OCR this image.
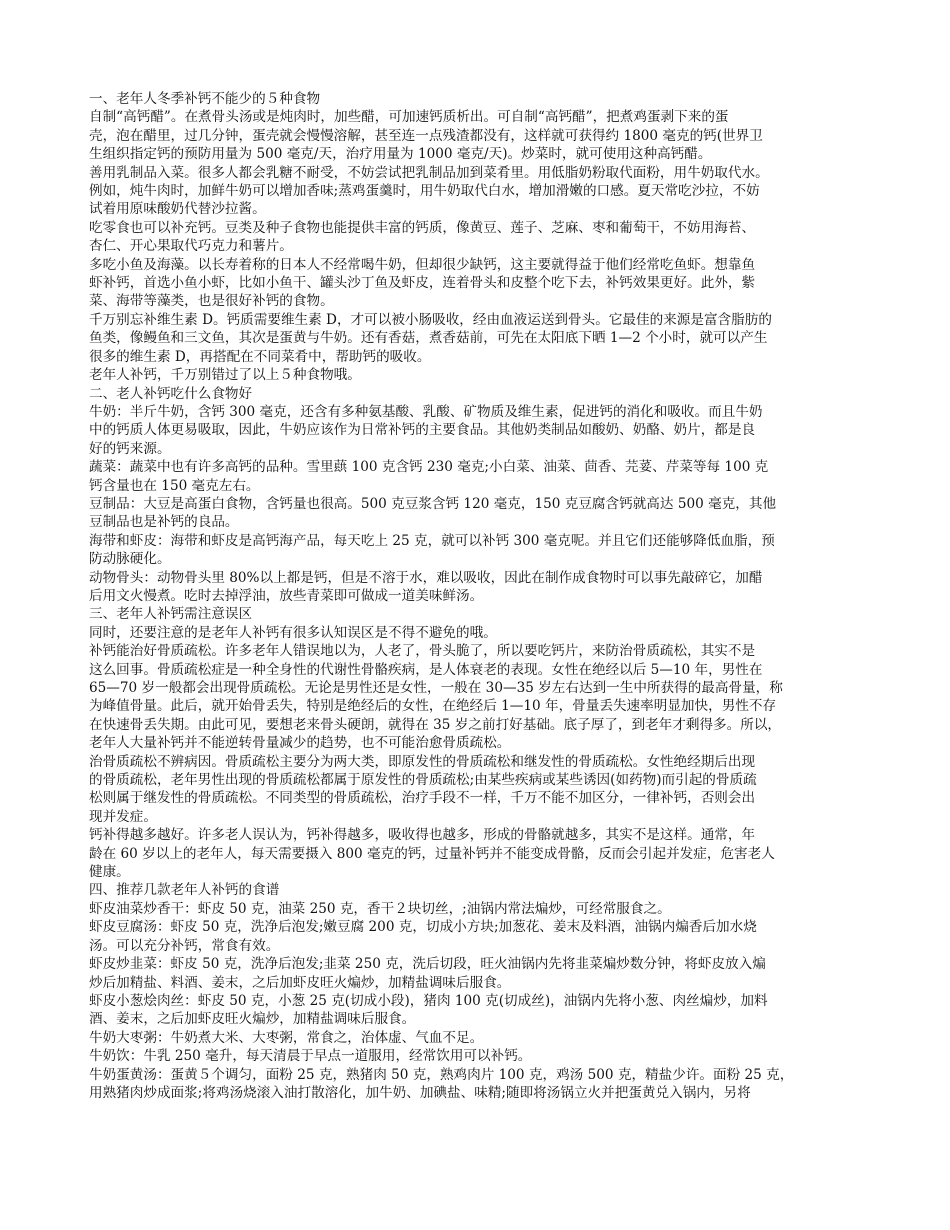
一、老年人冬季补钙不能少的５种食物

自制“高钙醋”。在煮骨头汤或是炖肉时，加些醋，可加速钙质析出。可自制“高钙醋”，把煮鸡蛋剥下来的蛋

壳，泡在醋里，过几分钟，蛋壳就会慢慢溶解，甚至连一点残渣都没有，这样就可获得约 1800 毫克的钙(世界卫

生组织指定钙的预防用量为 500 毫克/天，治疗用量为 1000 毫克/天)。炒菜时，就可使用这种高钙醋。

善用乳制品入菜。很多人都会乳糖不耐受，不妨尝试把乳制品加到菜肴里。用低脂奶粉取代面粉，用牛奶取代水。

例如，炖牛肉时，加鲜牛奶可以增加香味;蒸鸡蛋羹时，用牛奶取代白水，增加滑嫩的口感。夏天常吃沙拉，不妨

试着用原味酸奶代替沙拉酱。

吃零食也可以补充钙。豆类及种子食物也能提供丰富的钙质，像黄豆、莲子、芝麻、枣和葡萄干，不妨用海苔、

杏仁、开心果取代巧克力和薯片。

多吃小鱼及海藻。以长寿着称的日本人不经常喝牛奶，但却很少缺钙，这主要就得益于他们经常吃鱼虾。想靠鱼

虾补钙，首选小鱼小虾，比如小鱼干、罐头沙丁鱼及虾皮，连着骨头和皮整个吃下去，补钙效果更好。此外，紫

菜、海带等藻类，也是很好补钙的食物。

千万别忘补维生素 D。钙质需要维生素 D，才可以被小肠吸收，经由血液运送到骨头。它最佳的来源是富含脂肪的

鱼类，像鳗鱼和三文鱼，其次是蛋黄与牛奶。还有香菇，煮香菇前，可先在太阳底下晒 1—2 个小时，就可以产生

很多的维生素 D，再搭配在不同菜肴中，帮助钙的吸收。

老年人补钙，千万别错过了以上５种食物哦。

二、老人补钙吃什么食物好

牛奶：半斤牛奶，含钙 300 毫克，还含有多种氨基酸、乳酸、矿物质及维生素，促进钙的消化和吸收。而且牛奶

中的钙质人体更易吸取，因此，牛奶应该作为日常补钙的主要食品。其他奶类制品如酸奶、奶酪、奶片，都是良

好的钙来源。

蔬菜：蔬菜中也有许多高钙的品种。雪里蕻 100 克含钙 230 毫克;小白菜、油菜、茴香、芫荽、芹菜等每 100 克

钙含量也在 150 毫克左右。

豆制品：大豆是高蛋白食物，含钙量也很高。500 克豆浆含钙 120 毫克，150 克豆腐含钙就高达 500 毫克，其他

豆制品也是补钙的良品。

海带和虾皮：海带和虾皮是高钙海产品，每天吃上 25 克，就可以补钙 300 毫克呢。并且它们还能够降低血脂，预

防动脉硬化。

动物骨头：动物骨头里 80%以上都是钙，但是不溶于水，难以吸收，因此在制作成食物时可以事先敲碎它，加醋

后用文火慢煮。吃时去掉浮油，放些青菜即可做成一道美味鲜汤。

三、老年人补钙需注意误区

同时，还要注意的是老年人补钙有很多认知误区是不得不避免的哦。

补钙能治好骨质疏松。许多老年人错误地以为，人老了，骨头脆了，所以要吃钙片，来防治骨质疏松，其实不是

这么回事。骨质疏松症是一种全身性的代谢性骨骼疾病，是人体衰老的表现。女性在绝经以后 5—10 年，男性在

65—70 岁一般都会出现骨质疏松。无论是男性还是女性，一般在 30—35 岁左右达到一生中所获得的最高骨量，称

为峰值骨量。此后，就开始骨丢失，特别是绝经后的女性，在绝经后 1—10 年，骨量丢失速率明显加快，男性不存

在快速骨丢失期。由此可见，要想老来骨头硬朗，就得在 35 岁之前打好基础。底子厚了，到老年才剩得多。所以，

老年人大量补钙并不能逆转骨量减少的趋势，也不可能治愈骨质疏松。

治骨质疏松不辨病因。骨质疏松主要分为两大类，即原发性的骨质疏松和继发性的骨质疏松。女性绝经期后出现

的骨质疏松，老年男性出现的骨质疏松都属于原发性的骨质疏松;由某些疾病或某些诱因(如药物)而引起的骨质疏

松则属于继发性的骨质疏松。不同类型的骨质疏松，治疗手段不一样，千万不能不加区分，一律补钙，否则会出

现并发症。

钙补得越多越好。许多老人误认为，钙补得越多，吸收得也越多，形成的骨骼就越多，其实不是这样。通常，年

龄在 60 岁以上的老年人，每天需要摄入 800 毫克的钙，过量补钙并不能变成骨骼，反而会引起并发症，危害老人

健康。

四、推荐几款老年人补钙的食谱

虾皮油菜炒香干：虾皮 50 克，油菜 250 克，香干２块切丝，;油锅内常法煸炒，可经常服食之。

虾皮豆腐汤：虾皮 50 克，洗净后泡发;嫩豆腐 200 克，切成小方块;加葱花、姜末及料酒，油锅内煸香后加水烧

汤。可以充分补钙，常食有效。

虾皮炒韭菜：虾皮 50 克，洗净后泡发;韭菜 250 克，洗后切段，旺火油锅内先将韭菜煸炒数分钟，将虾皮放入煸

炒后加精盐、料酒、姜末，之后加虾皮旺火煸炒，加精盐调味后服食。

虾皮小葱烩肉丝：虾皮 50 克，小葱 25 克(切成小段)，猪肉 100 克(切成丝)，油锅内先将小葱、肉丝煸炒，加料

酒、姜末，之后加虾皮旺火煸炒，加精盐调味后服食。

牛奶大枣粥：牛奶煮大米、大枣粥，常食之，治体虚、气血不足。

牛奶饮：牛乳 250 毫升，每天清晨于早点一道服用，经常饮用可以补钙。

牛奶蛋黄汤：蛋黄５个调匀，面粉 25 克，熟猪肉 50 克，熟鸡肉片 100 克，鸡汤 500 克，精盐少许。面粉 25 克，

用熟猪肉炒成面浆;将鸡汤烧滚入油打散溶化，加牛奶、加碘盐、味精;随即将汤锅立火并把蛋黄兑入锅内，另将
